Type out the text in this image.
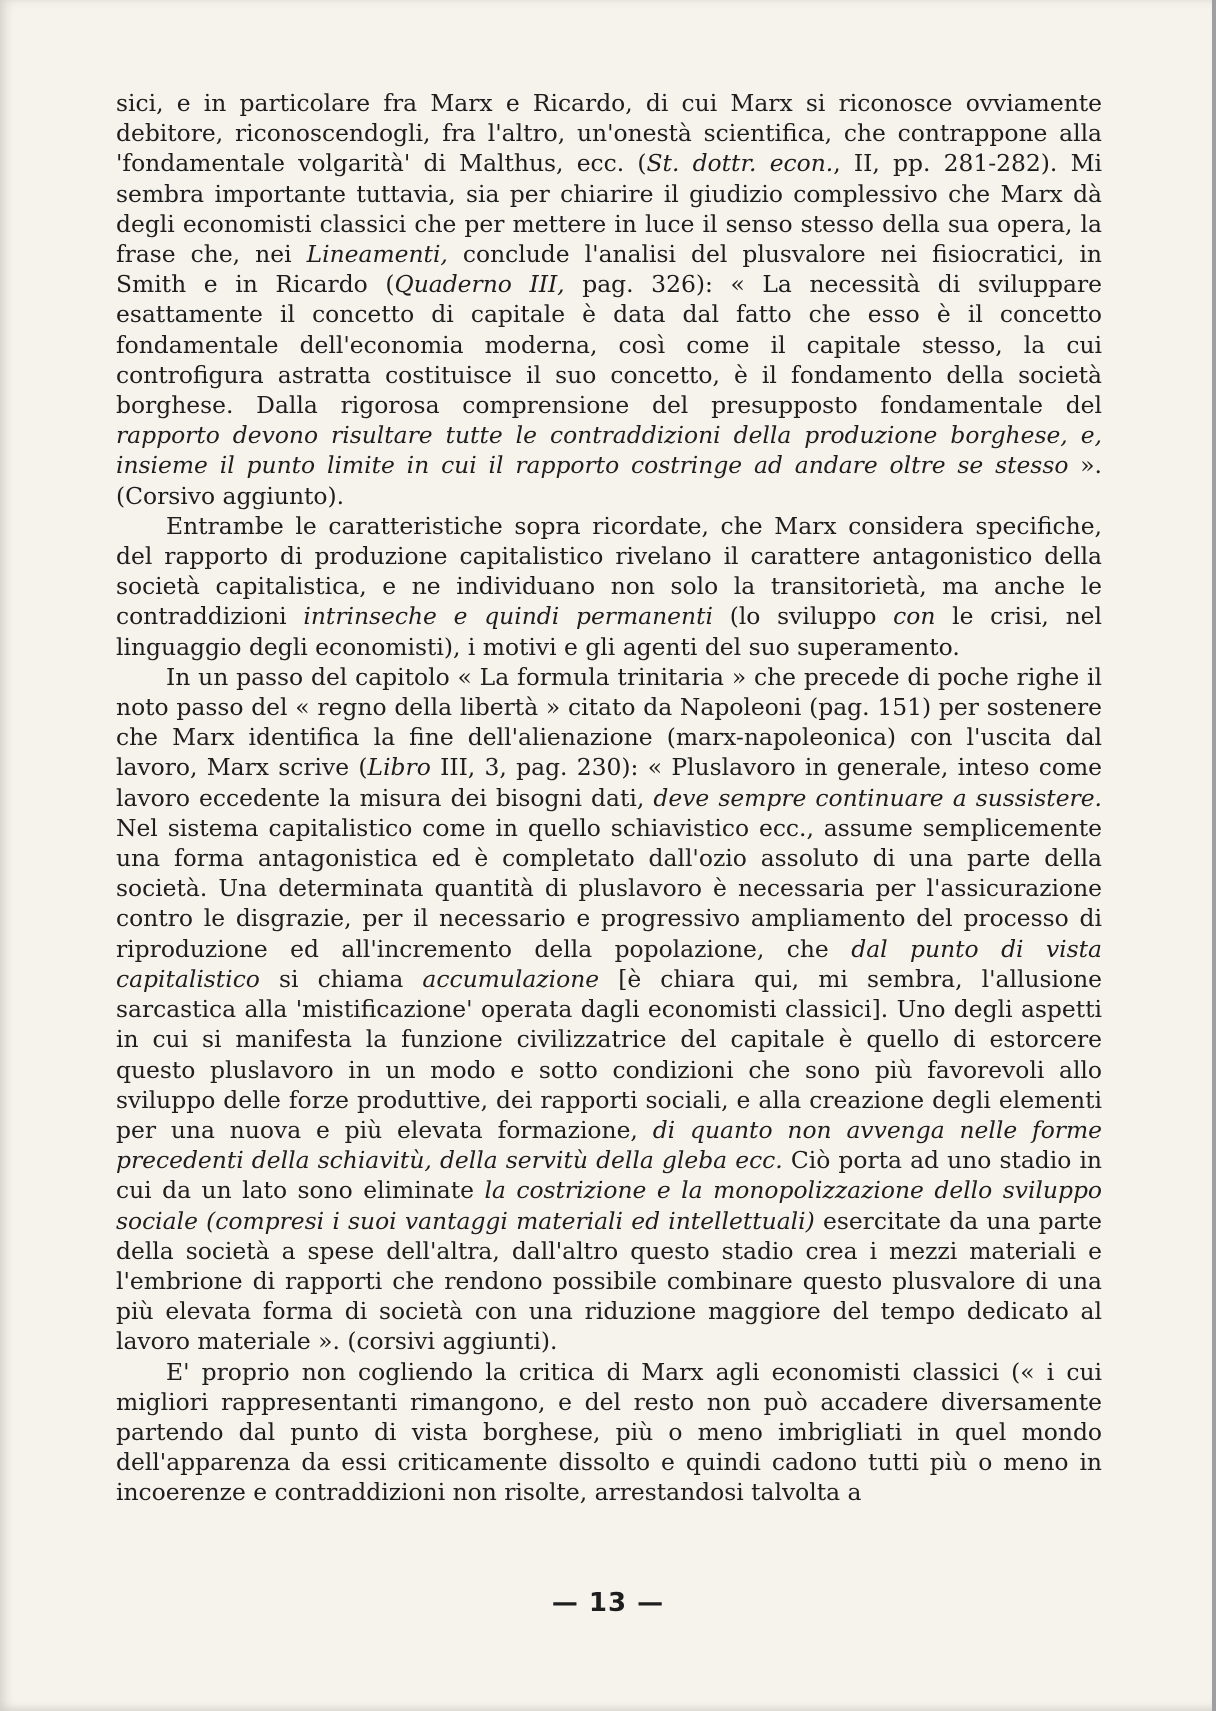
sici, e in particolare fra Marx e Ricardo, di cui Marx si riconosce ovviamente debitore, riconoscendogli, fra l'altro, un'onestà scientifica, che contrappone alla 'fondamentale volgarità' di Malthus, ecc. (St. dottr. econ., II, pp. 281-282). Mi sembra importante tuttavia, sia per chiarire il giudizio complessivo che Marx dà degli economisti classici che per mettere in luce il senso stesso della sua opera, la frase che, nei Lineamenti, conclude l'analisi del plusvalore nei fisiocratici, in Smith e in Ricardo (Quaderno III, pag. 326): « La necessità di sviluppare esattamente il concetto di capitale è data dal fatto che esso è il concetto fondamentale dell'economia moderna, così come il capitale stesso, la cui controfigura astratta costituisce il suo concetto, è il fondamento della società borghese. Dalla rigorosa comprensione del presupposto fondamentale del rapporto devono risultare tutte le contraddizioni della produzione borghese, e, insieme il punto limite in cui il rapporto costringe ad andare oltre se stesso ». (Corsivo aggiunto).

Entrambe le caratteristiche sopra ricordate, che Marx considera specifiche, del rapporto di produzione capitalistico rivelano il carattere antagonistico della società capitalistica, e ne individuano non solo la transitorietà, ma anche le contraddizioni intrinseche e quindi permanenti (lo sviluppo con le crisi, nel linguaggio degli economisti), i motivi e gli agenti del suo superamento.

In un passo del capitolo « La formula trinitaria » che precede di poche righe il noto passo del « regno della libertà » citato da Napoleoni (pag. 151) per sostenere che Marx identifica la fine dell'alienazione (marx-napoleonica) con l'uscita dal lavoro, Marx scrive (Libro III, 3, pag. 230): « Pluslavoro in generale, inteso come lavoro eccedente la misura dei bisogni dati, deve sempre continuare a sussistere. Nel sistema capitalistico come in quello schiavistico ecc., assume semplicemente una forma antagonistica ed è completato dall'ozio assoluto di una parte della società. Una determinata quantità di pluslavoro è necessaria per l'assicurazione contro le disgrazie, per il necessario e progressivo ampliamento del processo di riproduzione ed all'incremento della popolazione, che dal punto di vista capitalistico si chiama accumulazione [è chiara qui, mi sembra, l'allusione sarcastica alla 'mistificazione' operata dagli economisti classici]. Uno degli aspetti in cui si manifesta la funzione civilizzatrice del capitale è quello di estorcere questo pluslavoro in un modo e sotto condizioni che sono più favorevoli allo sviluppo delle forze produttive, dei rapporti sociali, e alla creazione degli elementi per una nuova e più elevata formazione, di quanto non avvenga nelle forme precedenti della schiavitù, della servitù della gleba ecc. Ciò porta ad uno stadio in cui da un lato sono eliminate la costrizione e la monopolizzazione dello sviluppo sociale (compresi i suoi vantaggi materiali ed intellettuali) esercitate da una parte della società a spese dell'altra, dall'altro questo stadio crea i mezzi materiali e l'embrione di rapporti che rendono possibile combinare questo plusvalore di una più elevata forma di società con una riduzione maggiore del tempo dedicato al lavoro materiale ». (corsivi aggiunti).

E' proprio non cogliendo la critica di Marx agli economisti classici (« i cui migliori rappresentanti rimangono, e del resto non può accadere diversamente partendo dal punto di vista borghese, più o meno imbrigliati in quel mondo dell'apparenza da essi criticamente dissolto e quindi cadono tutti più o meno in incoerenze e contraddizioni non risolte, arrestandosi talvolta a

— 13 —
